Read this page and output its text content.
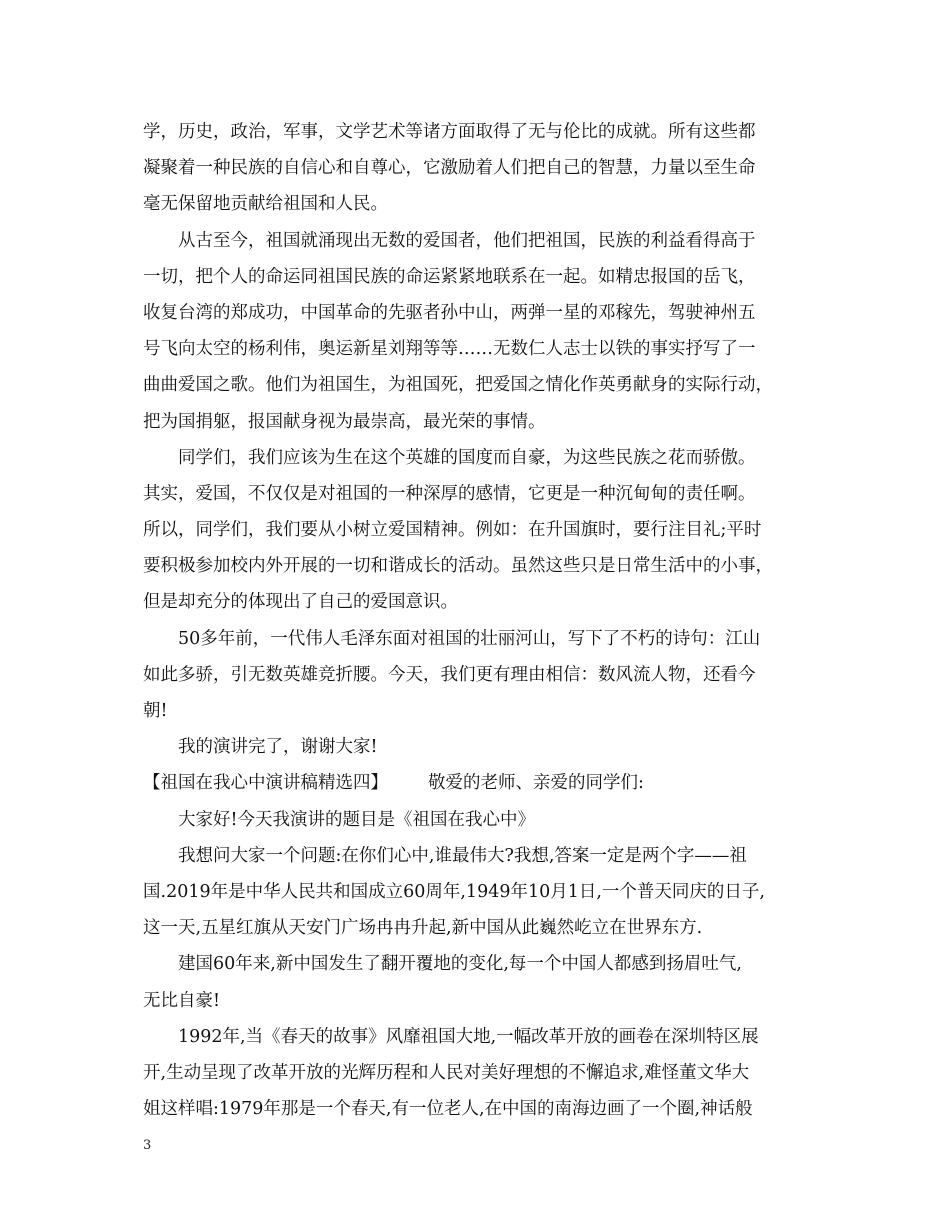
学，历史，政治，军事，文学艺术等诸方面取得了无与伦比的成就。所有这些都
凝聚着一种民族的自信心和自尊心，它激励着人们把自己的智慧，力量以至生命
毫无保留地贡献给祖国和人民。
从古至今，祖国就涌现出无数的爱国者，他们把祖国，民族的利益看得高于
一切，把个人的命运同祖国民族的命运紧紧地联系在一起。如精忠报国的岳飞，
收复台湾的郑成功，中国革命的先驱者孙中山，两弹一星的邓稼先，驾驶神州五
号飞向太空的杨利伟，奥运新星刘翔等等……无数仁人志士以铁的事实抒写了一
曲曲爱国之歌。他们为祖国生，为祖国死，把爱国之情化作英勇献身的实际行动，
把为国捐躯，报国献身视为最崇高，最光荣的事情。
同学们，我们应该为生在这个英雄的国度而自豪，为这些民族之花而骄傲。
其实，爱国，不仅仅是对祖国的一种深厚的感情，它更是一种沉甸甸的责任啊。
所以，同学们，我们要从小树立爱国精神。例如：在升国旗时，要行注目礼;平时
要积极参加校内外开展的一切和谐成长的活动。虽然这些只是日常生活中的小事，
但是却充分的体现出了自己的爱国意识。
50多年前，一代伟人毛泽东面对祖国的壮丽河山，写下了不朽的诗句：江山
如此多骄，引无数英雄竞折腰。今天，我们更有理由相信：数风流人物，还看今
朝!
我的演讲完了，谢谢大家!
【祖国在我心中演讲稿精选四】 敬爱的老师、亲爱的同学们:
大家好!今天我演讲的题目是《祖国在我心中》
我想问大家一个问题:在你们心中,谁最伟大?我想,答案一定是两个字——祖
国.2019年是中华人民共和国成立60周年,1949年10月1日,一个普天同庆的日子,
这一天,五星红旗从天安门广场冉冉升起,新中国从此巍然屹立在世界东方.
建国60年来,新中国发生了翻开覆地的变化,每一个中国人都感到扬眉吐气,
无比自豪!
1992年,当《春天的故事》风靡祖国大地,一幅改革开放的画卷在深圳特区展
开,生动呈现了改革开放的光辉历程和人民对美好理想的不懈追求,难怪董文华大
姐这样唱:1979年那是一个春天,有一位老人,在中国的南海边画了一个圈,神话般
3
